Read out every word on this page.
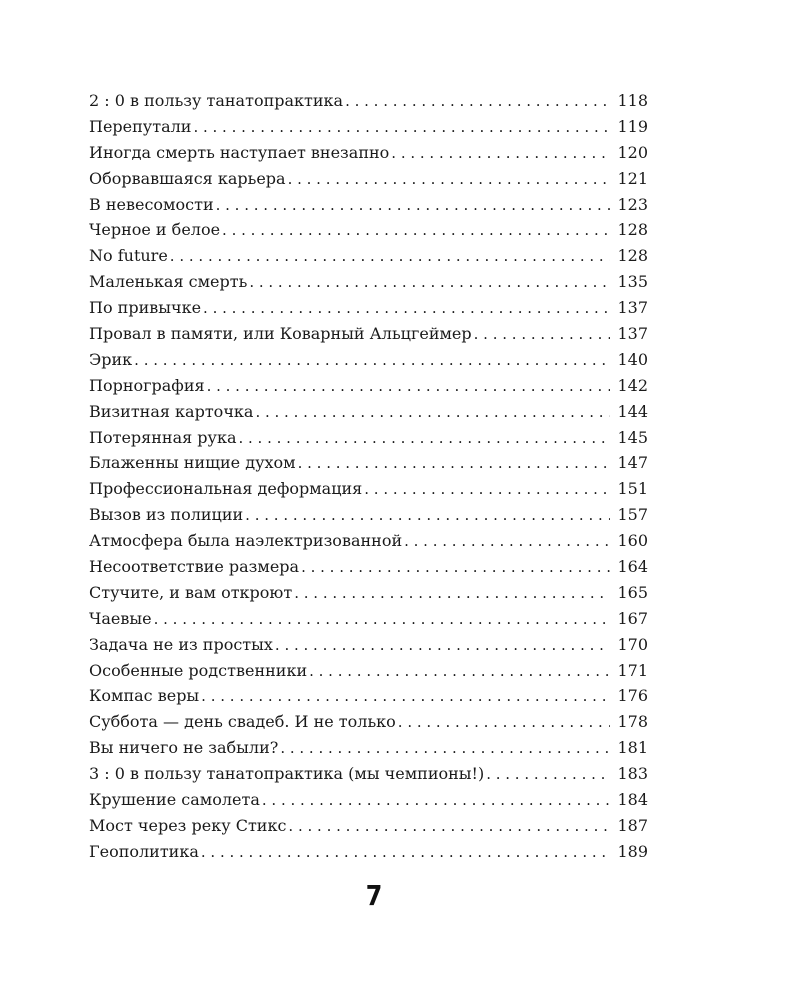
2 : 0 в пользу танатопрактика . . .	118
Перепутали . . .	119
Иногда смерть наступает внезапно . . .	120
Оборвавшаяся карьера . . .	121
В невесомости . . .	123
Черное и белое . . .	128
No future . . .	128
Маленькая смерть . . .	135
По привычке . . .	137
Провал в памяти, или Коварный Альцгеймер . . .	137
Эрик . . .	140
Порнография . . .	142
Визитная карточка . . .	144
Потерянная рука . . .	145
Блаженны нищие духом . . .	147
Профессиональная деформация . . .	151
Вызов из полиции . . .	157
Атмосфера была наэлектризованной . . .	160
Несоответствие размера . . .	164
Стучите, и вам откроют . . .	165
Чаевые . . .	167
Задача не из простых . . .	170
Особенные родственники . . .	171
Компас веры . . .	176
Суббота — день свадеб. И не только . . .	178
Вы ничего не забыли? . . .	181
3 : 0 в пользу танатопрактика (мы чемпионы!) . . .	183
Крушение самолета . . .	184
Мост через реку Стикс . . .	187
Геополитика . . .	189
7
